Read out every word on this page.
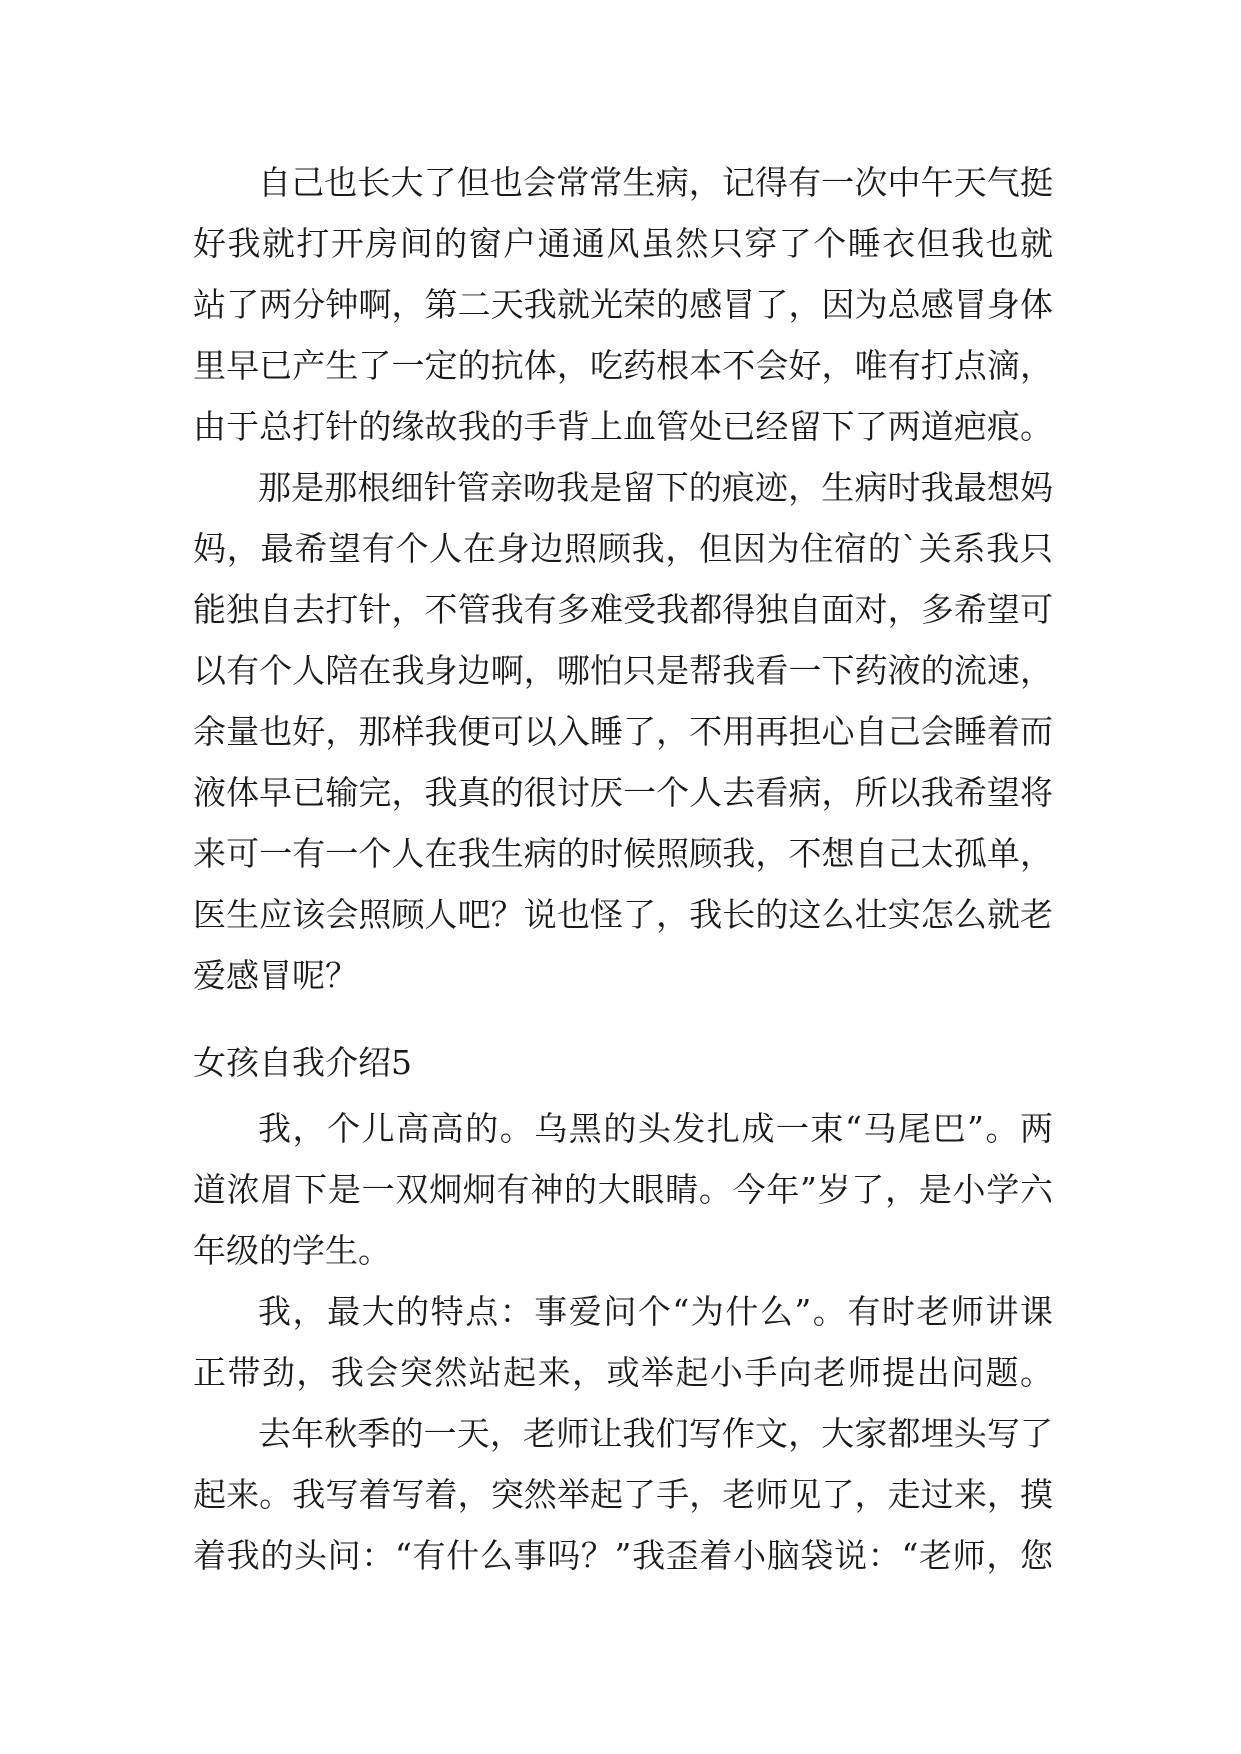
自己也长大了但也会常常生病，记得有一次中午天气挺
好我就打开房间的窗户通通风虽然只穿了个睡衣但我也就
站了两分钟啊，第二天我就光荣的感冒了，因为总感冒身体
里早已产生了一定的抗体，吃药根本不会好，唯有打点滴，
由于总打针的缘故我的手背上血管处已经留下了两道疤痕。
那是那根细针管亲吻我是留下的痕迹，生病时我最想妈
妈，最希望有个人在身边照顾我，但因为住宿的`关系我只
能独自去打针，不管我有多难受我都得独自面对，多希望可
以有个人陪在我身边啊，哪怕只是帮我看一下药液的流速，
余量也好，那样我便可以入睡了，不用再担心自己会睡着而
液体早已输完，我真的很讨厌一个人去看病，所以我希望将
来可一有一个人在我生病的时候照顾我，不想自己太孤单，
医生应该会照顾人吧？说也怪了，我长的这么壮实怎么就老
爱感冒呢？
女孩自我介绍5
我，个儿高高的。乌黑的头发扎成一束“马尾巴”。两
道浓眉下是一双炯炯有神的大眼睛。今年”岁了，是小学六
年级的学生。
我，最大的特点：事爱问个“为什么”。有时老师讲课
正带劲，我会突然站起来，或举起小手向老师提出问题。
去年秋季的一天，老师让我们写作文，大家都埋头写了
起来。我写着写着，突然举起了手，老师见了，走过来，摸
着我的头问：“有什么事吗？”我歪着小脑袋说：“老师，您
